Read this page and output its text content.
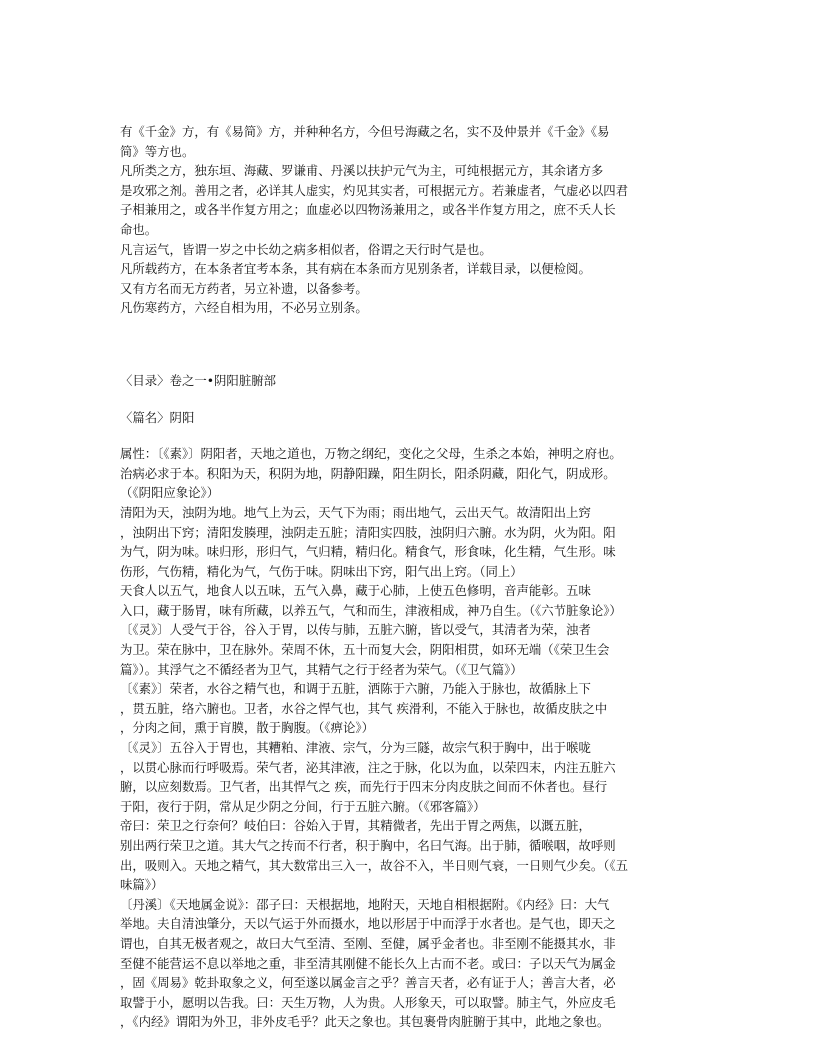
有《千金》方，有《易简》方，并种种名方，今但号海藏之名，实不及仲景并《千金》《易
简》等方也。
凡所类之方，独东垣、海藏、罗谦甫、丹溪以扶护元气为主，可纯根据元方，其余诸方多
是攻邪之剂。善用之者，必详其人虚实，灼见其实者，可根据元方。若兼虚者，气虚必以四君
子相兼用之，或各半作复方用之；血虚必以四物汤兼用之，或各半作复方用之，庶不夭人长
命也。
凡言运气，皆谓一岁之中长幼之病多相似者，俗谓之天行时气是也。
凡所载药方，在本条者宜考本条，其有病在本条而方见别条者，详载目录，以便检阅。
又有方名而无方药者，另立补遗，以备参考。
凡伤寒药方，六经自相为用，不必另立别条。
〈目录〉卷之一•阴阳脏腑部
〈篇名〉阴阳
属性：〔《素》〕阴阳者，天地之道也，万物之纲纪，变化之父母，生杀之本始，神明之府也。
治病必求于本。积阳为天，积阴为地，阴静阳躁，阳生阴长，阳杀阴藏，阳化气，阴成形。
（《阴阳应象论》）
清阳为天，浊阴为地。地气上为云，天气下为雨；雨出地气，云出天气。故清阳出上窍
，浊阴出下窍；清阳发腠理，浊阴走五脏；清阳实四肢，浊阴归六腑。水为阴，火为阳。阳
为气，阴为味。味归形，形归气，气归精，精归化。精食气，形食味，化生精，气生形。味
伤形，气伤精，精化为气，气伤于味。阴味出下窍，阳气出上窍。（同上）
天食人以五气，地食人以五味，五气入鼻，藏于心肺，上使五色修明，音声能彰。五味
入口，藏于肠胃，味有所藏，以养五气，气和而生，津液相成，神乃自生。（《六节脏象论》）
〔《灵》〕人受气于谷，谷入于胃，以传与肺，五脏六腑，皆以受气，其清者为荣，浊者
为卫。荣在脉中，卫在脉外。荣周不休，五十而复大会，阴阳相贯，如环无端（《荣卫生会
篇》）。其浮气之不循经者为卫气，其精气之行于经者为荣气。（《卫气篇》）
〔《素》〕荣者，水谷之精气也，和调于五脏，洒陈于六腑，乃能入于脉也，故循脉上下
，贯五脏，络六腑也。卫者，水谷之悍气也，其气 疾滑利，不能入于脉也，故循皮肤之中
，分肉之间，熏于肓膜，散于胸腹。（《痹论》）
〔《灵》〕五谷入于胃也，其糟粕、津液、宗气，分为三隧，故宗气积于胸中，出于喉咙
，以贯心脉而行呼吸焉。荣气者，泌其津液，注之于脉，化以为血，以荣四末，内注五脏六
腑，以应刻数焉。卫气者，出其悍气之 疾，而先行于四末分肉皮肤之间而不休者也。昼行
于阳，夜行于阴，常从足少阴之分间，行于五脏六腑。（《邪客篇》）
帝曰：荣卫之行奈何？岐伯曰：谷始入于胃，其精微者，先出于胃之两焦，以溉五脏，
别出两行荣卫之道。其大气之抟而不行者，积于胸中，名曰气海。出于肺，循喉咽，故呼则
出，吸则入。天地之精气，其大数常出三入一，故谷不入，半日则气衰，一日则气少矣。（《五
味篇》）
〔丹溪〕《天地属金说》：邵子曰：天根据地，地附天，天地自相根据附。《内经》曰：大气
举地。夫自清浊肇分，天以气运于外而摄水，地以形居于中而浮于水者也。是气也，即天之
谓也，自其无极者观之，故曰大气至清、至刚、至健，属乎金者也。非至刚不能摄其水，非
至健不能营运不息以举地之重，非至清其刚健不能长久上古而不老。或曰：子以天气为属金
，固《周易》乾卦取象之义，何至遂以属金言之乎？善言天者，必有证于人；善言大者，必
取譬于小，愿明以告我。曰：天生万物，人为贵。人形象天，可以取譬。肺主气，外应皮毛
，《内经》谓阳为外卫，非外皮毛乎？此天之象也。其包裹骨肉脏腑于其中，此地之象也。
